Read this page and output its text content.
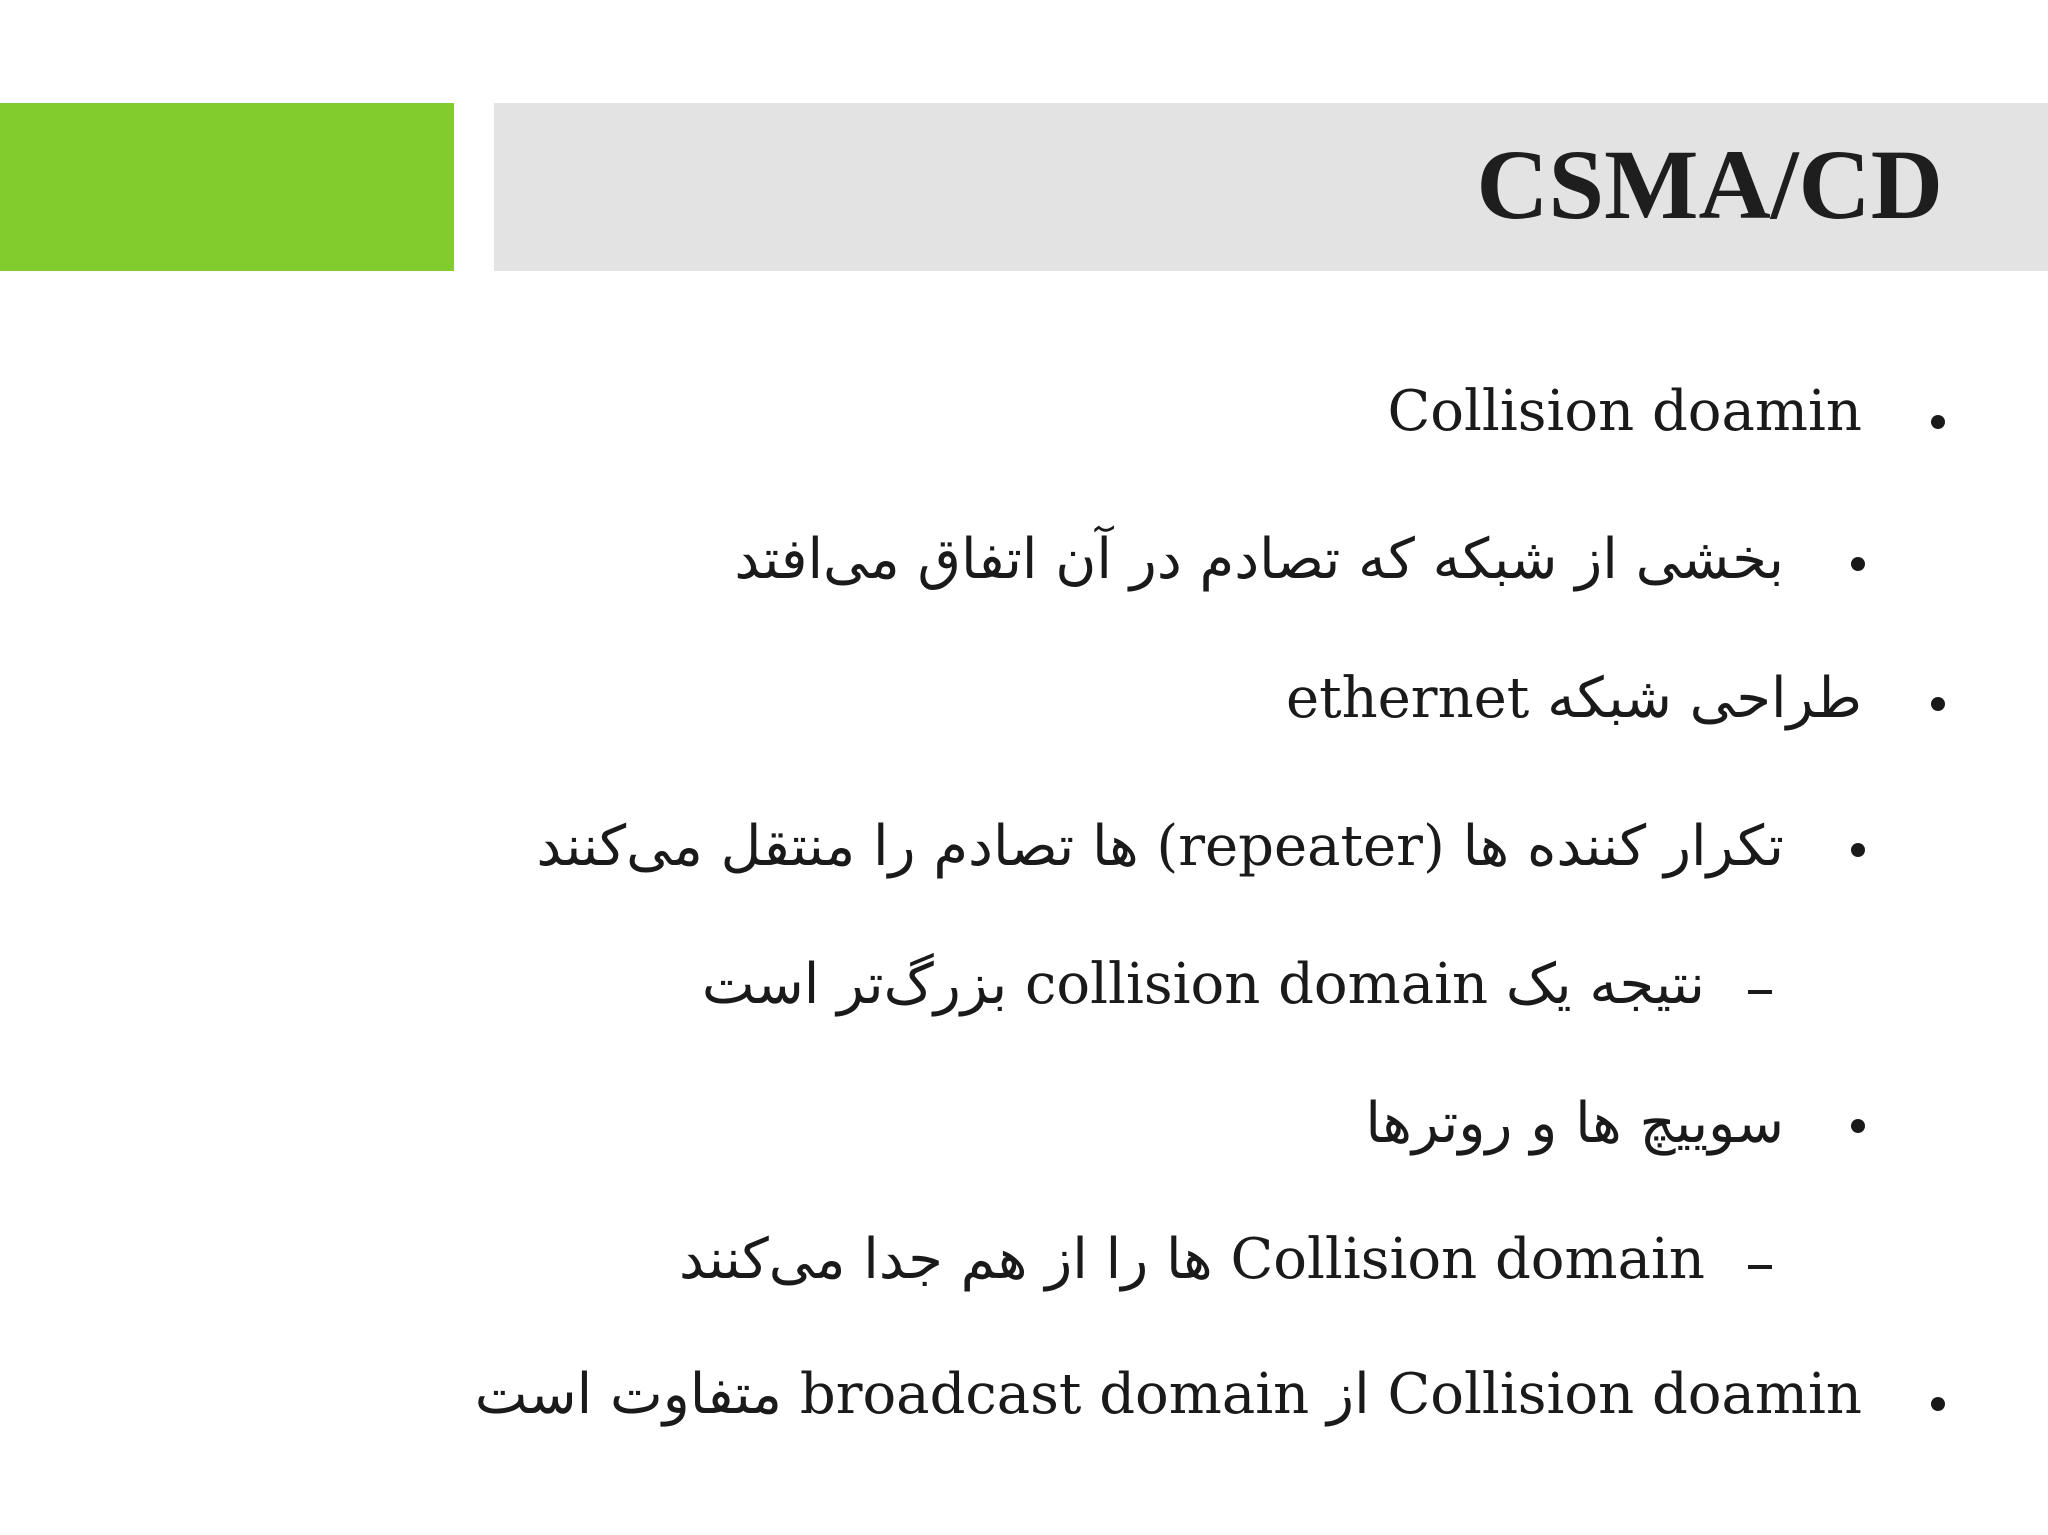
CSMA/CD
Collision doamin
بخشی از شبکه که تصادم در آن اتفاق می‌افتد
طراحی شبکه ethernet
تکرار کننده ها (repeater) ها تصادم را منتقل می‌کنند
نتیجه یک collision domain بزرگ‌تر است
سوییچ ها و روترها
Collision domain ها را از هم جدا می‌کنند
Collision doamin از broadcast domain متفاوت است
